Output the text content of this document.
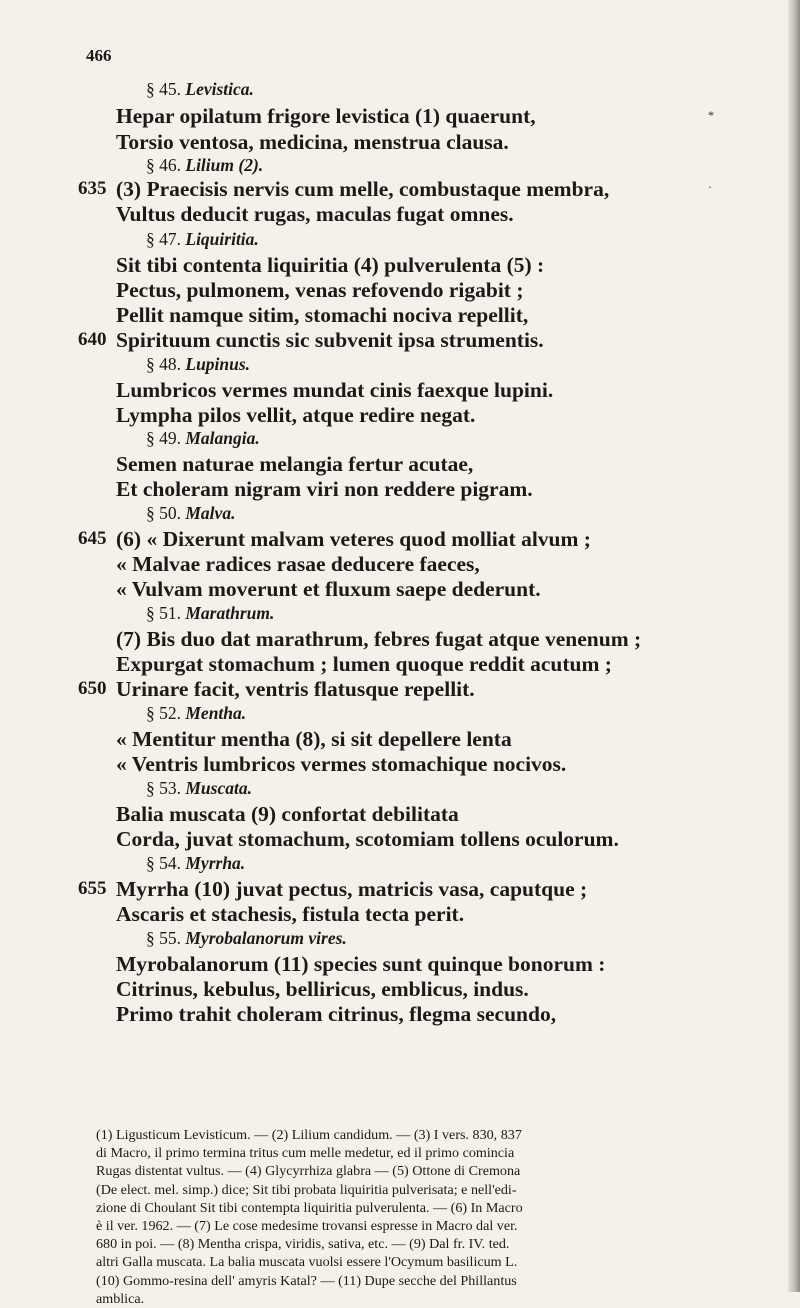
466
*
·
§ 45. Levistica.
Hepar opilatum frigore levistica (1) quaerunt,
Torsio ventosa, medicina, menstrua clausa.
§ 46. Lilium (2).
635 (3) Praecisis nervis cum melle, combustaque membra,
Vultus deducit rugas, maculas fugat omnes.
§ 47. Liquiritia.
Sit tibi contenta liquiritia (4) pulverulenta (5) :
Pectus, pulmonem, venas refovendo rigabit ;
Pellit namque sitim, stomachi nociva repellit,
640 Spirituum cunctis sic subvenit ipsa strumentis.
§ 48. Lupinus.
Lumbricos vermes mundat cinis faexque lupini.
Lympha pilos vellit, atque redire negat.
§ 49. Malangia.
Semen naturae melangia fertur acutae,
Et choleram nigram viri non reddere pigram.
§ 50. Malva.
645 (6) « Dixerunt malvam veteres quod molliat alvum ;
« Malvae radices rasae deducere faeces,
« Vulvam moverunt et fluxum saepe dederunt.
§ 51. Marathrum.
(7) Bis duo dat marathrum, febres fugat atque venenum ;
Expurgat stomachum ; lumen quoque reddit acutum ;
650 Urinare facit, ventris flatusque repellit.
§ 52. Mentha.
« Mentitur mentha (8), si sit depellere lenta
« Ventris lumbricos vermes stomachique nocivos.
§ 53. Muscata.
Balia muscata (9) confortat debilitata
Corda, juvat stomachum, scotomiam tollens oculorum.
§ 54. Myrrha.
655 Myrrha (10) juvat pectus, matricis vasa, caputque ;
Ascaris et stachesis, fistula tecta perit.
§ 55. Myrobalanorum vires.
Myrobalanorum (11) species sunt quinque bonorum :
Citrinus, kebulus, belliricus, emblicus, indus.
Primo trahit choleram citrinus, flegma secundo,
(1) Ligusticum Levisticum. — (2) Lilium candidum. — (3) I vers. 830, 837
di Macro, il primo termina tritus cum melle medetur, ed il primo comincia
Rugas distentat vultus. — (4) Glycyrrhiza glabra — (5) Ottone di Cremona
(De elect. mel. simp.) dice; Sit tibi probata liquiritia pulverisata; e nell'edi-
zione di Choulant Sit tibi contempta liquiritia pulverulenta. — (6) In Macro
è il ver. 1962. — (7) Le cose medesime trovansi espresse in Macro dal ver.
680 in poi. — (8) Mentha crispa, viridis, sativa, etc. — (9) Dal fr. IV. ted.
altri Galla muscata. La balia muscata vuolsi essere l'Ocymum basilicum L.
(10) Gommo-resina dell' amyris Katal? — (11) Dupe secche del Phillantus
amblica.
